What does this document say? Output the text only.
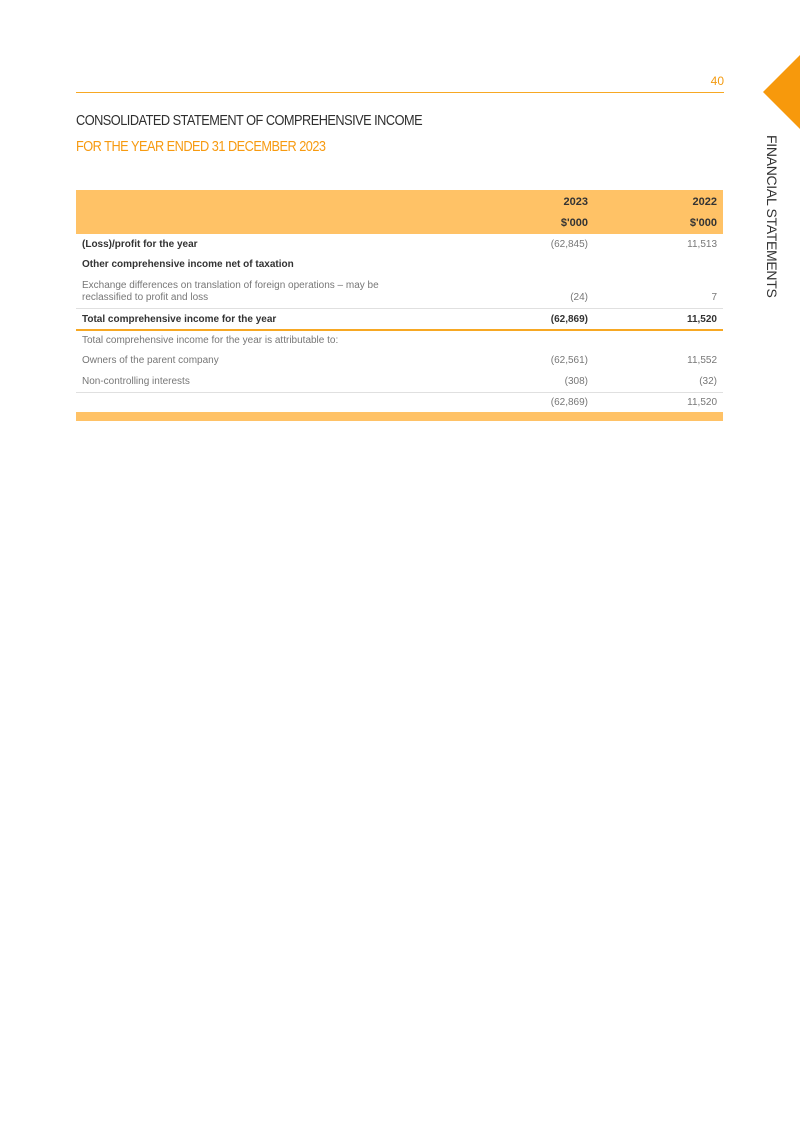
40
FINANCIAL STATEMENTS
CONSOLIDATED STATEMENT OF COMPREHENSIVE INCOME
FOR THE YEAR ENDED 31 DECEMBER 2023
2023	2022
$'000	$'000
(Loss)/profit for the year	(62,845)	11,513
Other comprehensive income net of taxation
Exchange differences on translation of foreign operations – may be
reclassified to profit and loss	(24)	7
Total comprehensive income for the year	(62,869)	11,520
Total comprehensive income for the year is attributable to:
Owners of the parent company	(62,561)	11,552
Non-controlling interests	(308)	(32)
(62,869)	11,520
